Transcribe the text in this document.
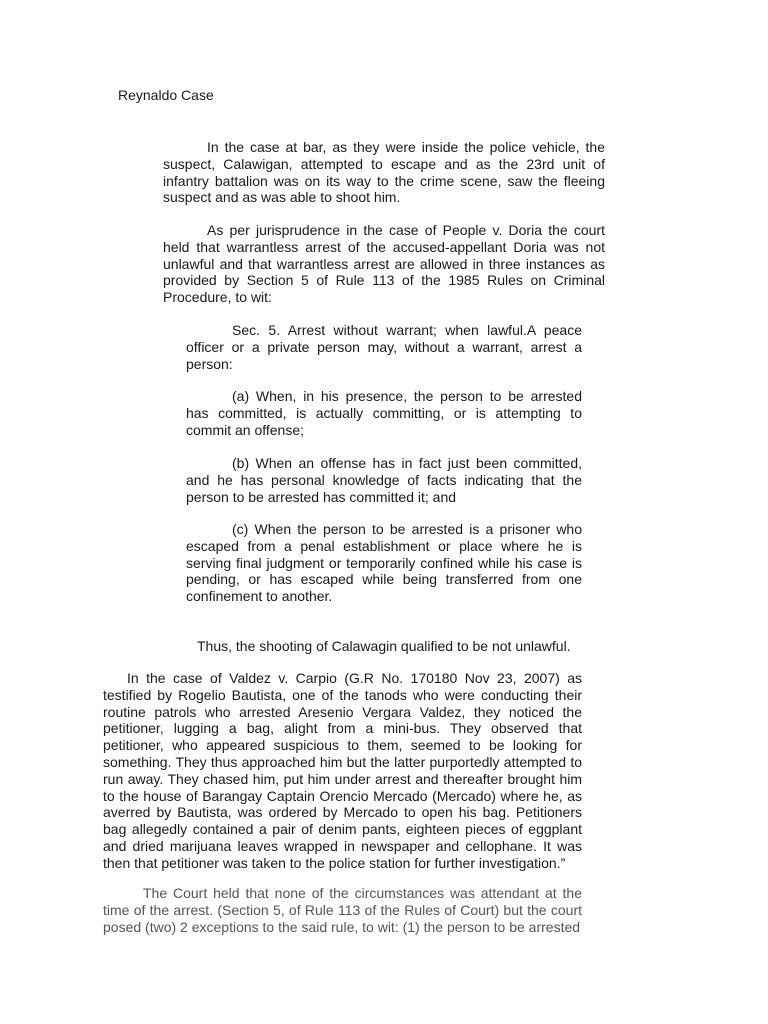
Reynaldo Case

In the case at bar, as they were inside the police vehicle, the suspect, Calawigan, attempted to escape and as the 23rd unit of infantry battalion was on its way to the crime scene, saw the fleeing suspect and as was able to shoot him.

As per jurisprudence in the case of People v. Doria the court held that warrantless arrest of the accused-appellant Doria was not unlawful and that warrantless arrest are allowed in three instances as provided by Section 5 of Rule 113 of the 1985 Rules on Criminal Procedure, to wit:

Sec. 5. Arrest without warrant; when lawful.A peace officer or a private person may, without a warrant, arrest a person:

(a) When, in his presence, the person to be arrested has committed, is actually committing, or is attempting to commit an offense;

(b) When an offense has in fact just been committed, and he has personal knowledge of facts indicating that the person to be arrested has committed it; and

(c) When the person to be arrested is a prisoner who escaped from a penal establishment or place where he is serving final judgment or temporarily confined while his case is pending, or has escaped while being transferred from one confinement to another.

Thus, the shooting of Calawagin qualified to be not unlawful.

In the case of Valdez v. Carpio (G.R No. 170180 Nov 23, 2007) as testified by Rogelio Bautista, one of the tanods who were conducting their routine patrols who arrested Aresenio Vergara Valdez, they noticed the petitioner, lugging a bag, alight from a mini-bus. They observed that petitioner, who appeared suspicious to them, seemed to be looking for something. They thus approached him but the latter purportedly attempted to run away. They chased him, put him under arrest and thereafter brought him to the house of Barangay Captain Orencio Mercado (Mercado) where he, as averred by Bautista, was ordered by Mercado to open his bag. Petitioners bag allegedly contained a pair of denim pants, eighteen pieces of eggplant and dried marijuana leaves wrapped in newspaper and cellophane. It was then that petitioner was taken to the police station for further investigation.”

The Court held that none of the circumstances was attendant at the time of the arrest. (Section 5, of Rule 113 of the Rules of Court) but the court posed (two) 2 exceptions to the said rule, to wit: (1) the person to be arrested
